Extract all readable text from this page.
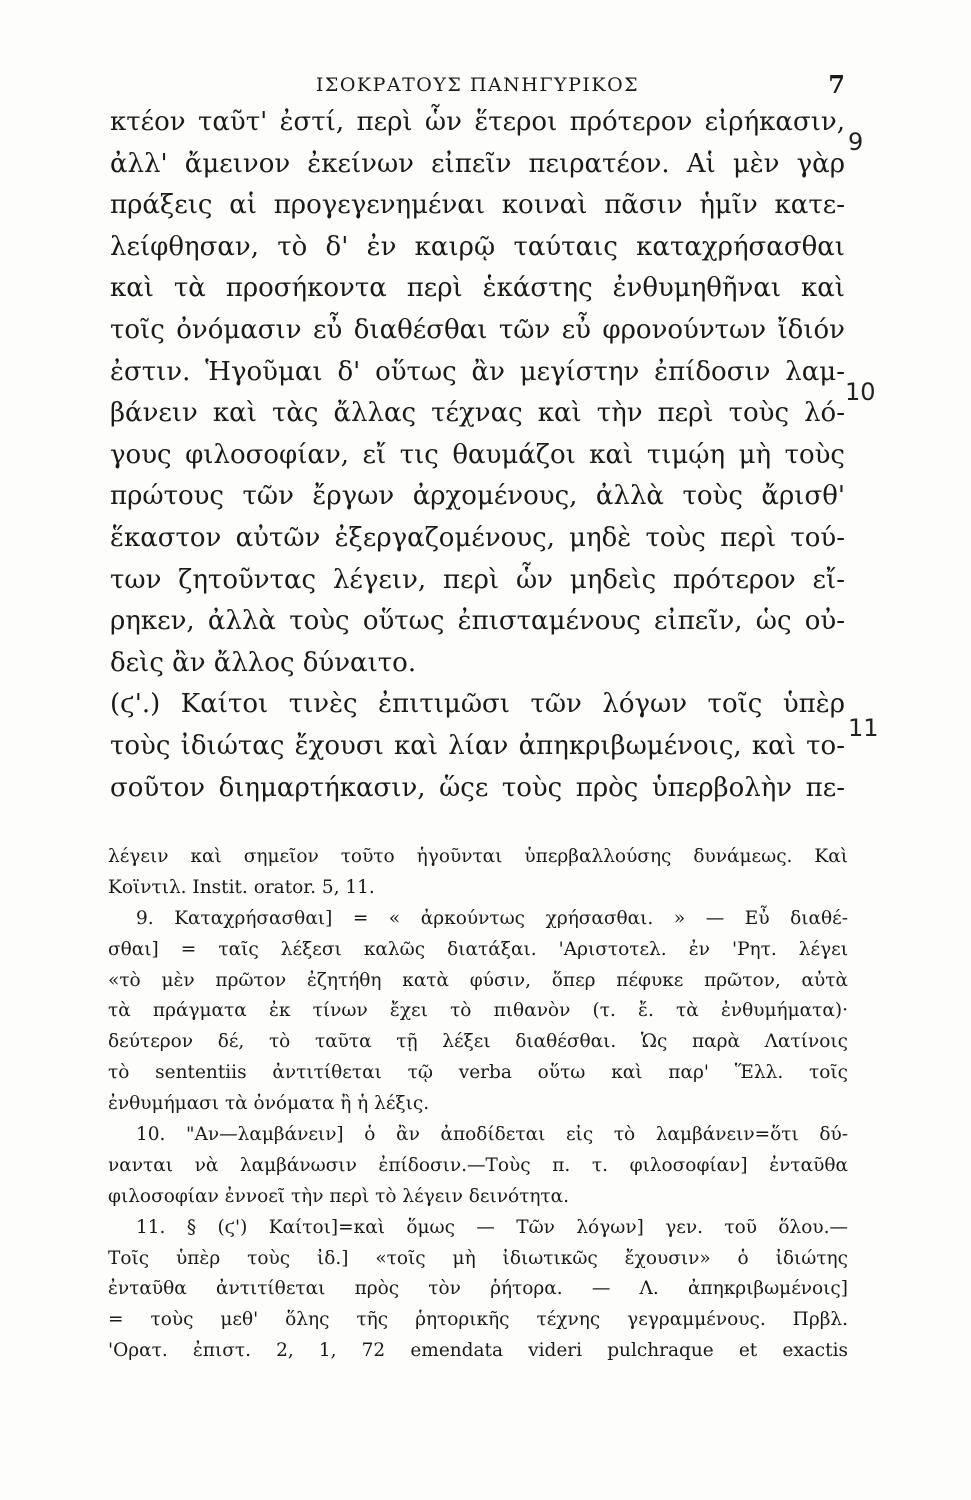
ΙΣΟΚΡΑΤΟΥΣ ΠΑΝΗΓΥΡΙΚΟΣ	7
κτέον ταῦτ' ἐστί, περὶ ὧν ἕτεροι πρότερον εἰρήκασιν,
ἀλλ' ἄμεινον ἐκείνων εἰπεῖν πειρατέον. Αἱ μὲν γὰρ
πράξεις αἱ προγεγενημέναι κοιναὶ πᾶσιν ἡμῖν κατε-
λείφθησαν, τὸ δ' ἐν καιρῷ ταύταις καταχρήσασθαι
καὶ τὰ προσήκοντα περὶ ἑκάστης ἐνθυμηθῆναι καὶ
τοῖς ὀνόμασιν εὖ διαθέσθαι τῶν εὖ φρονούντων ἴδιόν
ἐστιν. Ἡγοῦμαι δ' οὕτως ἂν μεγίστην ἐπίδοσιν λαμ-
βάνειν καὶ τὰς ἄλλας τέχνας καὶ τὴν περὶ τοὺς λό-
γους φιλοσοφίαν, εἴ τις θαυμάζοι καὶ τιμῴη μὴ τοὺς
πρώτους τῶν ἔργων ἀρχομένους, ἀλλὰ τοὺς ἄρισθ'
ἕκαστον αὐτῶν ἐξεργαζομένους, μηδὲ τοὺς περὶ τού-
των ζητοῦντας λέγειν, περὶ ὧν μηδεὶς πρότερον εἴ-
ρηκεν, ἀλλὰ τοὺς οὕτως ἐπισταμένους εἰπεῖν, ὡς οὐ-
δεὶς ἂν ἄλλος δύναιτο.
(ϛ'.) Καίτοι τινὲς ἐπιτιμῶσι τῶν λόγων τοῖς ὑπὲρ
τοὺς ἰδιώτας ἔχουσι καὶ λίαν ἀπηκριβωμένοις, καὶ το-
σοῦτον διημαρτήκασιν, ὥςε τοὺς πρὸς ὑπερβολὴν πε-
9
10
11
λέγειν καὶ σημεῖον τοῦτο ἡγοῦνται ὑπερβαλλούσης δυνάμεως. Καὶ
Κοϊντιλ. Instit. orator. 5, 11.
9. Καταχρήσασθαι] = « ἀρκούντως χρήσασθαι. » — Εὖ διαθέ-
σθαι] = ταῖς λέξεσι καλῶς διατάξαι. 'Αριστοτελ. ἐν 'Ρητ. λέγει
«τὸ μὲν πρῶτον ἐζητήθη κατὰ φύσιν, ὅπερ πέφυκε πρῶτον, αὐτὰ
τὰ πράγματα ἐκ τίνων ἔχει τὸ πιθανὸν (τ. ἔ. τὰ ἐνθυμήματα)·
δεύτερον δέ, τὸ ταῦτα τῇ λέξει διαθέσθαι. Ὡς παρὰ Λατίνοις
τὸ sententiis ἀντιτίθεται τῷ verba οὕτω καὶ παρ' Ἕλλ. τοῖς
ἐνθυμήμασι τὰ ὀνόματα ἢ ἡ λέξις.
10. "Αν—λαμβάνειν] ὁ ἂν ἀποδίδεται εἰς τὸ λαμβάνειν=ὅτι δύ-
νανται νὰ λαμβάνωσιν ἐπίδοσιν.—Τοὺς π. τ. φιλοσοφίαν] ἐνταῦθα
φιλοσοφίαν ἐννοεῖ τὴν περὶ τὸ λέγειν δεινότητα.
11. § (ϛ') Καίτοι]=καὶ ὅμως — Τῶν λόγων] γεν. τοῦ ὅλου.—
Τοῖς ὑπὲρ τοὺς ἰδ.] «τοῖς μὴ ἰδιωτικῶς ἔχουσιν» ὁ ἰδιώτης
ἐνταῦθα ἀντιτίθεται πρὸς τὸν ῥήτορα. — Λ. ἀπηκριβωμένοις]
= τοὺς μεθ' ὅλης τῆς ῥητορικῆς τέχνης γεγραμμένους. Πρβλ.
'Ορατ. ἐπιστ. 2, 1, 72 emendata videri pulchraque et exactis
